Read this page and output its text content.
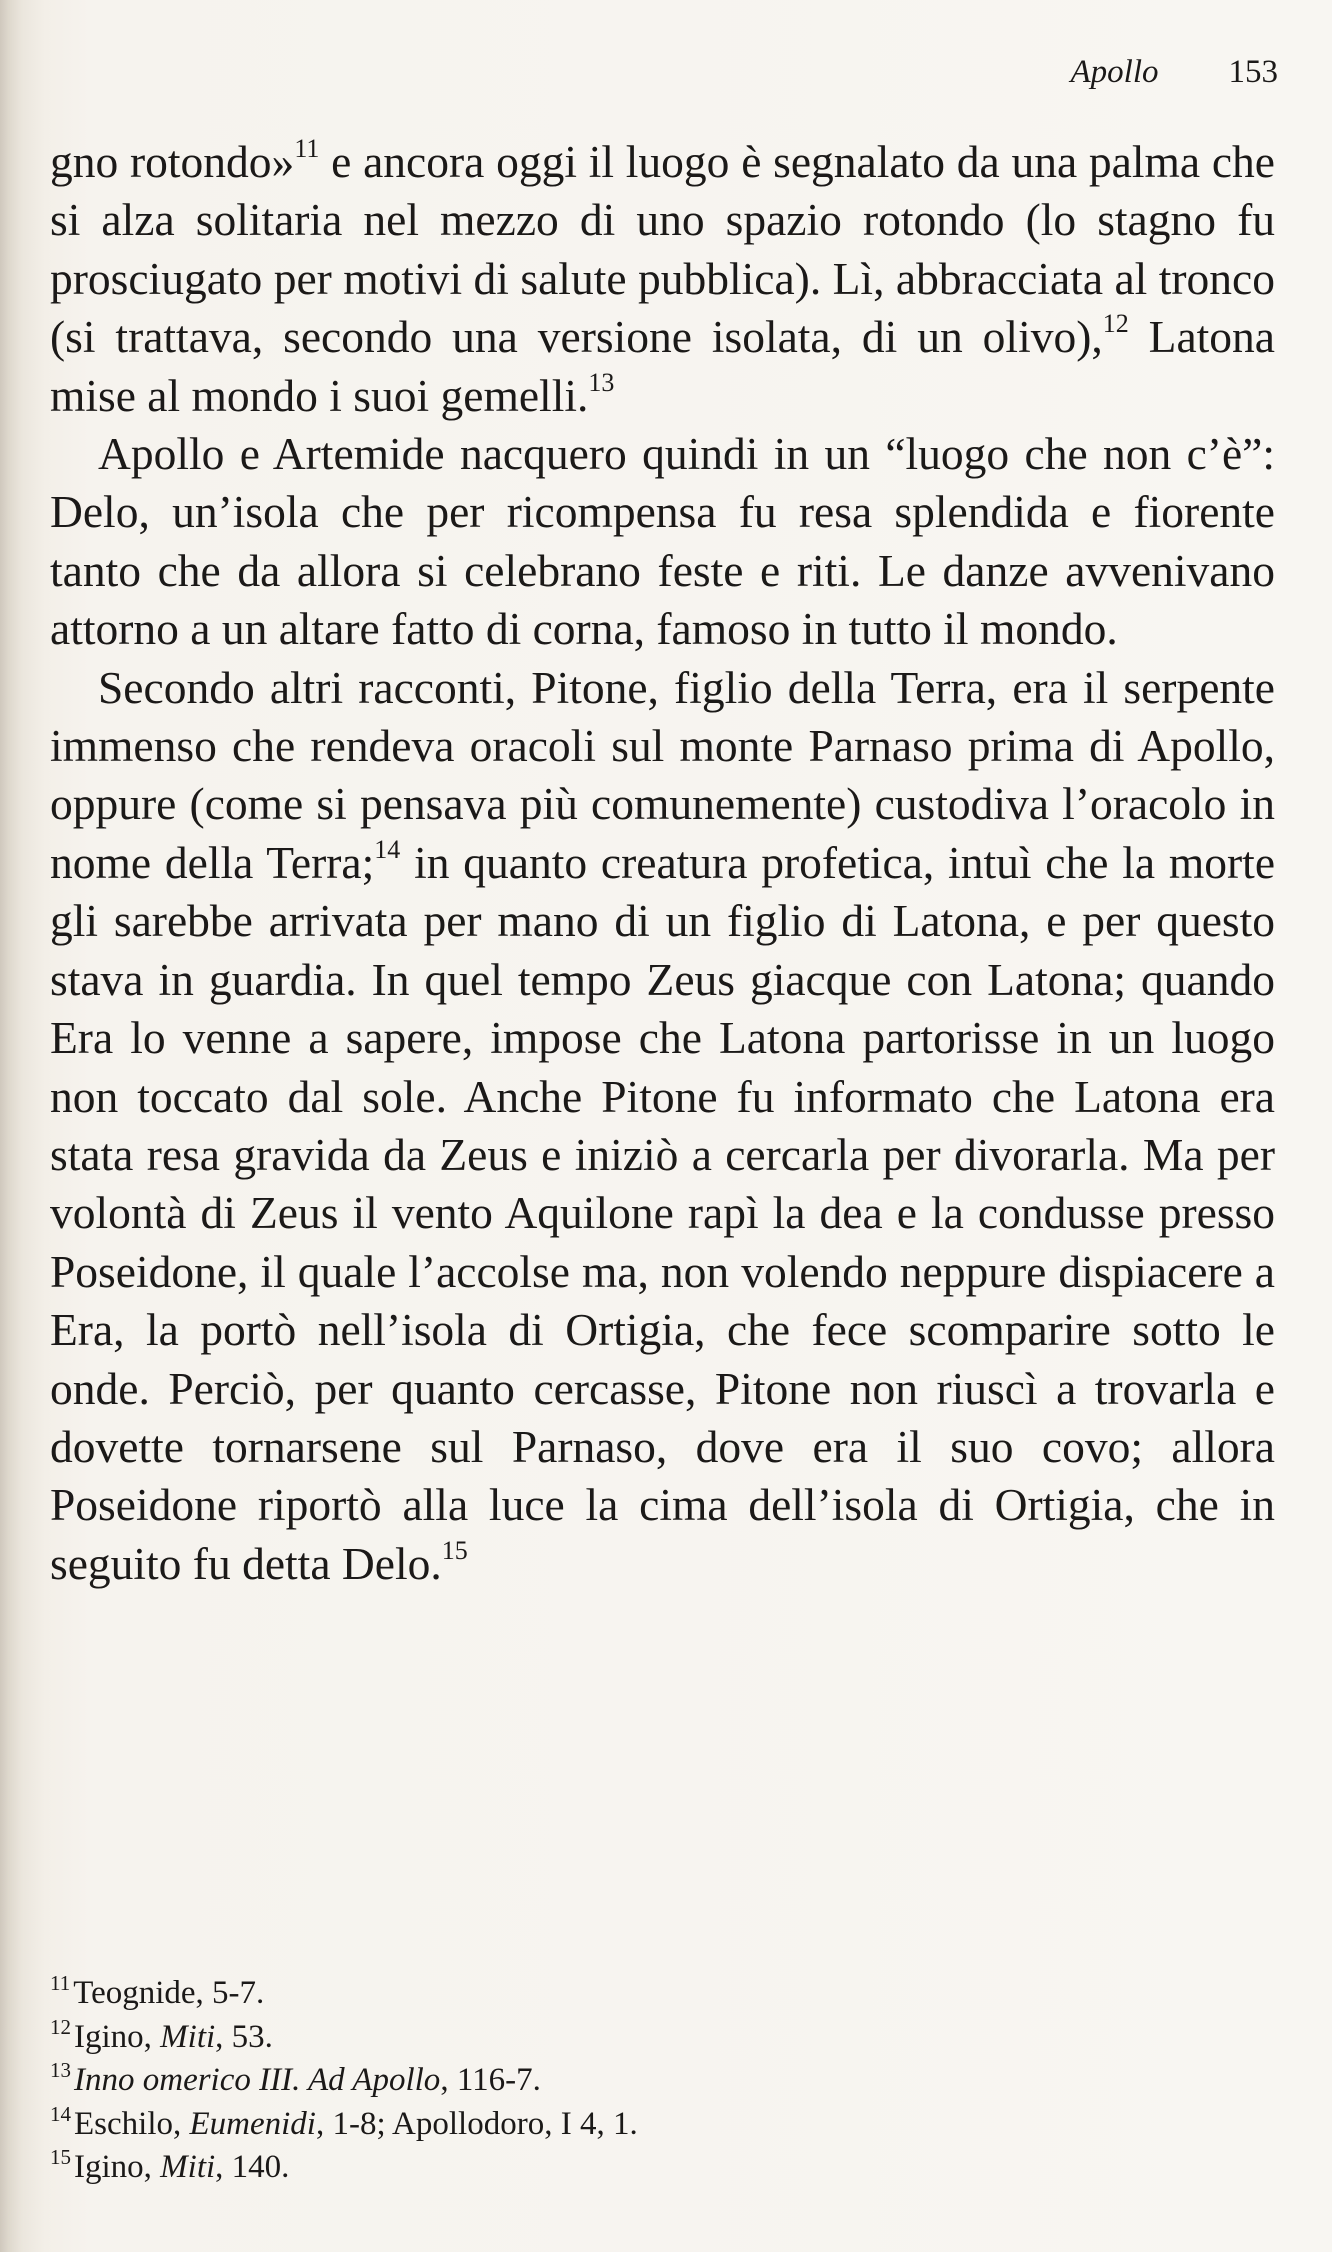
Apollo 153

gno rotondo»$^{11}$ e ancora oggi il luogo è segnalato da una palma che si alza solitaria nel mezzo di uno spazio rotondo (lo stagno fu prosciugato per motivi di salute pubblica). Lì, abbracciata al tronco (si trattava, secondo una versione isolata, di un olivo),$^{12}$ Latona mise al mondo i suoi gemelli.$^{13}$

Apollo e Artemide nacquero quindi in un “luogo che non c’è”: Delo, un’isola che per ricompensa fu resa splendida e fiorente tanto che da allora si celebrano feste e riti. Le danze avvenivano attorno a un altare fatto di corna, famoso in tutto il mondo.

Secondo altri racconti, Pitone, figlio della Terra, era il serpente immenso che rendeva oracoli sul monte Parnaso prima di Apollo, oppure (come si pensava più comunemente) custodiva l’oracolo in nome della Terra;$^{14}$ in quanto creatura profetica, intuì che la morte gli sarebbe arrivata per mano di un figlio di Latona, e per questo stava in guardia. In quel tempo Zeus giacque con Latona; quando Era lo venne a sapere, impose che Latona partorisse in un luogo non toccato dal sole. Anche Pitone fu informato che Latona era stata resa gravida da Zeus e iniziò a cercarla per divorarla. Ma per volontà di Zeus il vento Aquilone rapì la dea e la condusse presso Poseidone, il quale l’accolse ma, non volendo neppure dispiacere a Era, la portò nell’isola di Ortigia, che fece scomparire sotto le onde. Perciò, per quanto cercasse, Pitone non riuscì a trovarla e dovette tornarsene sul Parnaso, dove era il suo covo; allora Poseidone riportò alla luce la cima dell’isola di Ortigia, che in seguito fu detta Delo.$^{15}$

$^{11}$Teognide, 5-7.
$^{12}$Igino, Miti, 53.
$^{13}$Inno omerico III. Ad Apollo, 116-7.
$^{14}$Eschilo, Eumenidi, 1-8; Apollodoro, I 4, 1.
$^{15}$Igino, Miti, 140.
